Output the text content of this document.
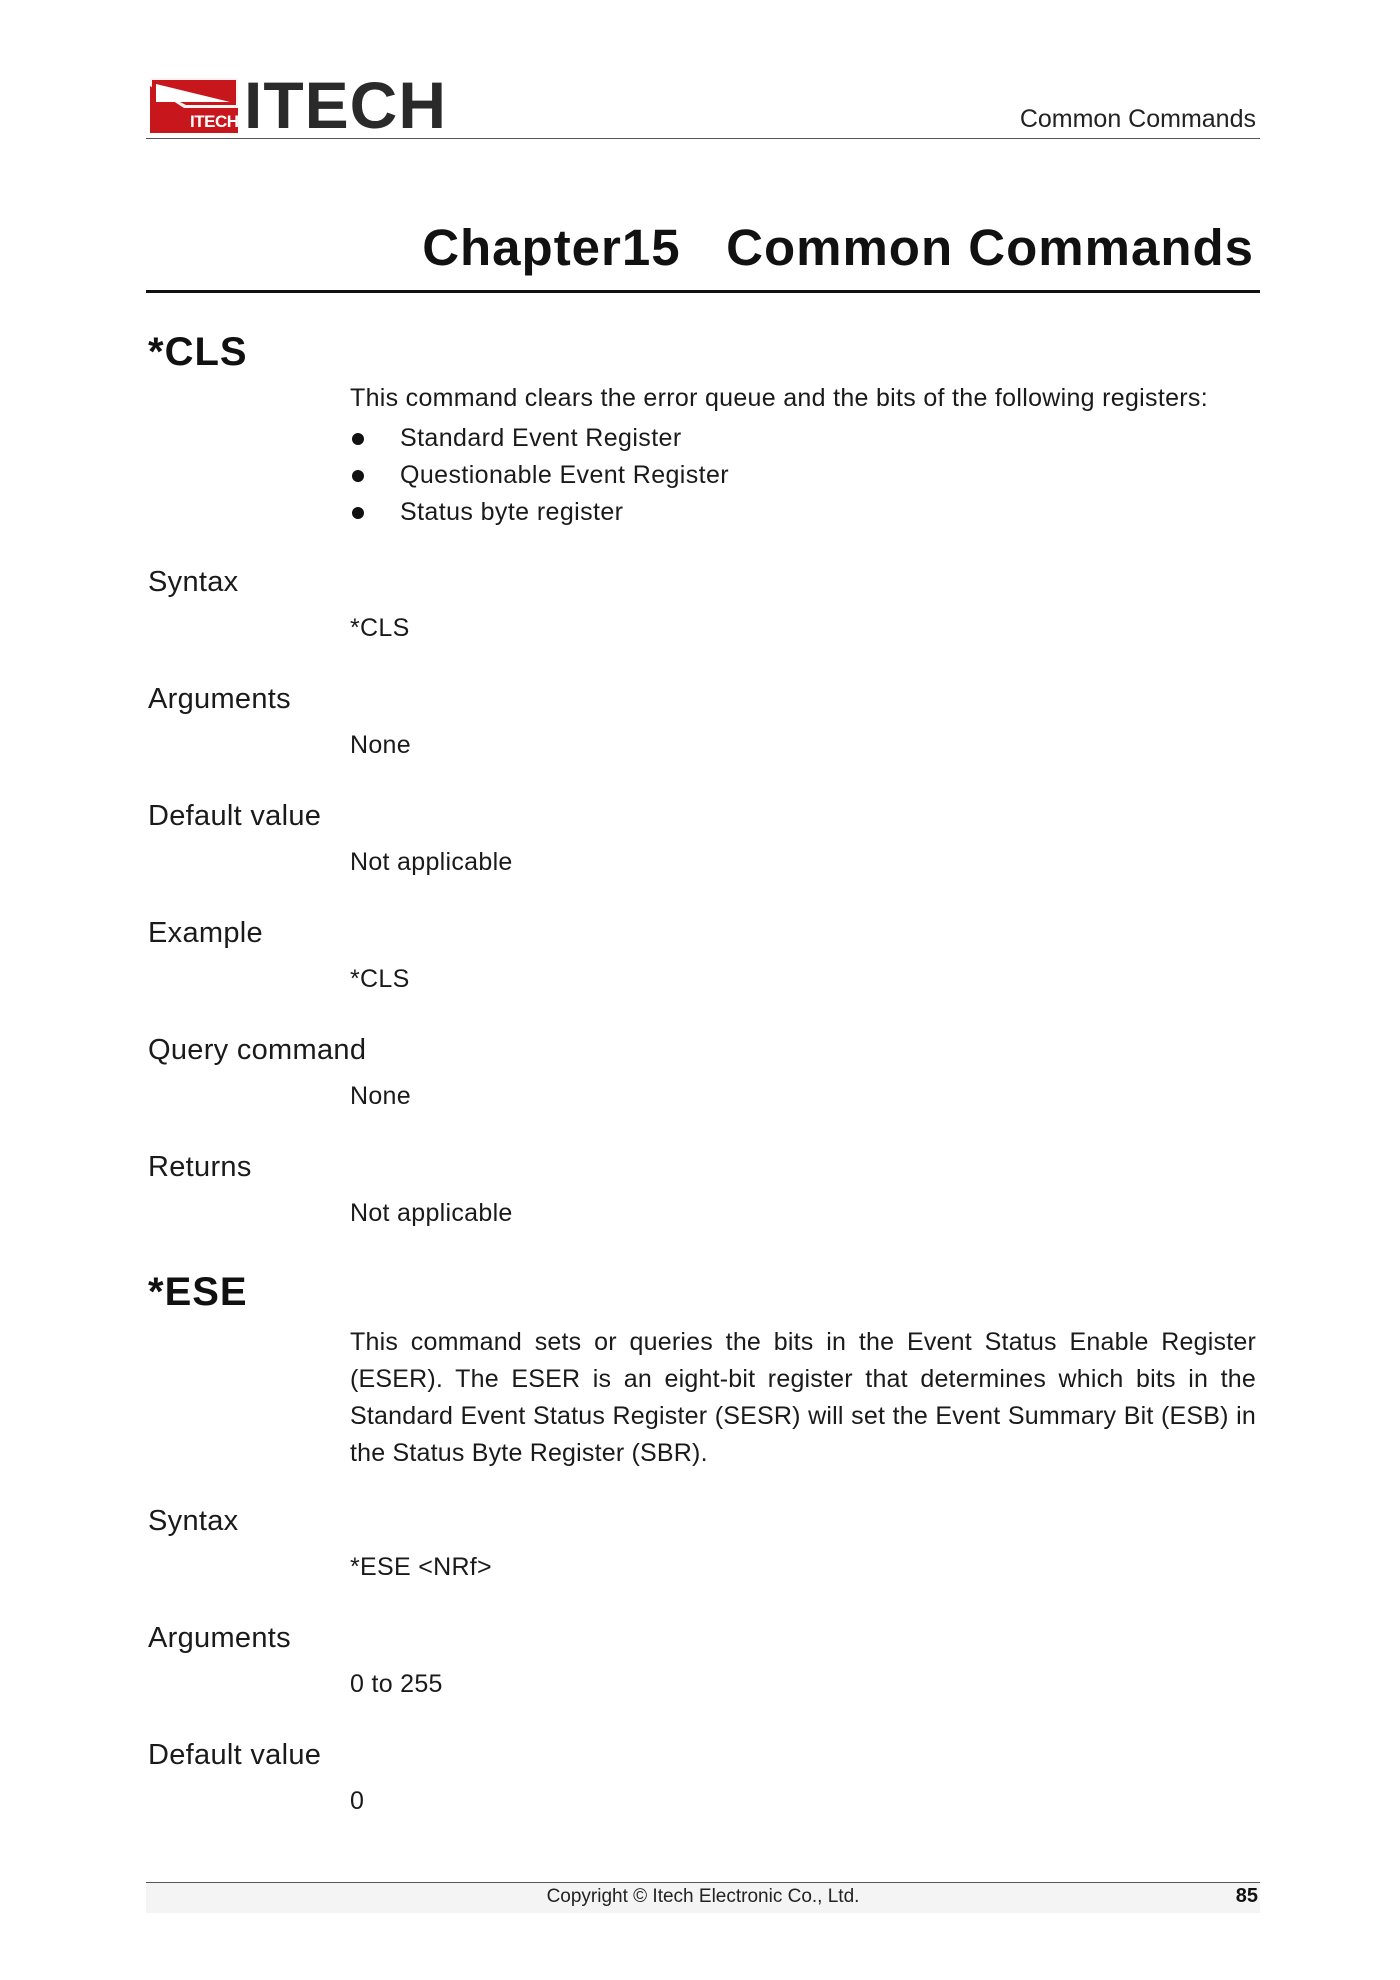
ITECH ITECH	Common Commands
Chapter15   Common Commands
*CLS
This command clears the error queue and the bits of the following registers:
Standard Event Register
Questionable Event Register
Status byte register
Syntax
*CLS
Arguments
None
Default value
Not applicable
Example
*CLS
Query command
None
Returns
Not applicable
*ESE
This command sets or queries the bits in the Event Status Enable Register (ESER). The ESER is an eight-bit register that determines which bits in the Standard Event Status Register (SESR) will set the Event Summary Bit (ESB) in the Status Byte Register (SBR).
Syntax
*ESE <NRf>
Arguments
0 to 255
Default value
0
Copyright © Itech Electronic Co., Ltd.	85
